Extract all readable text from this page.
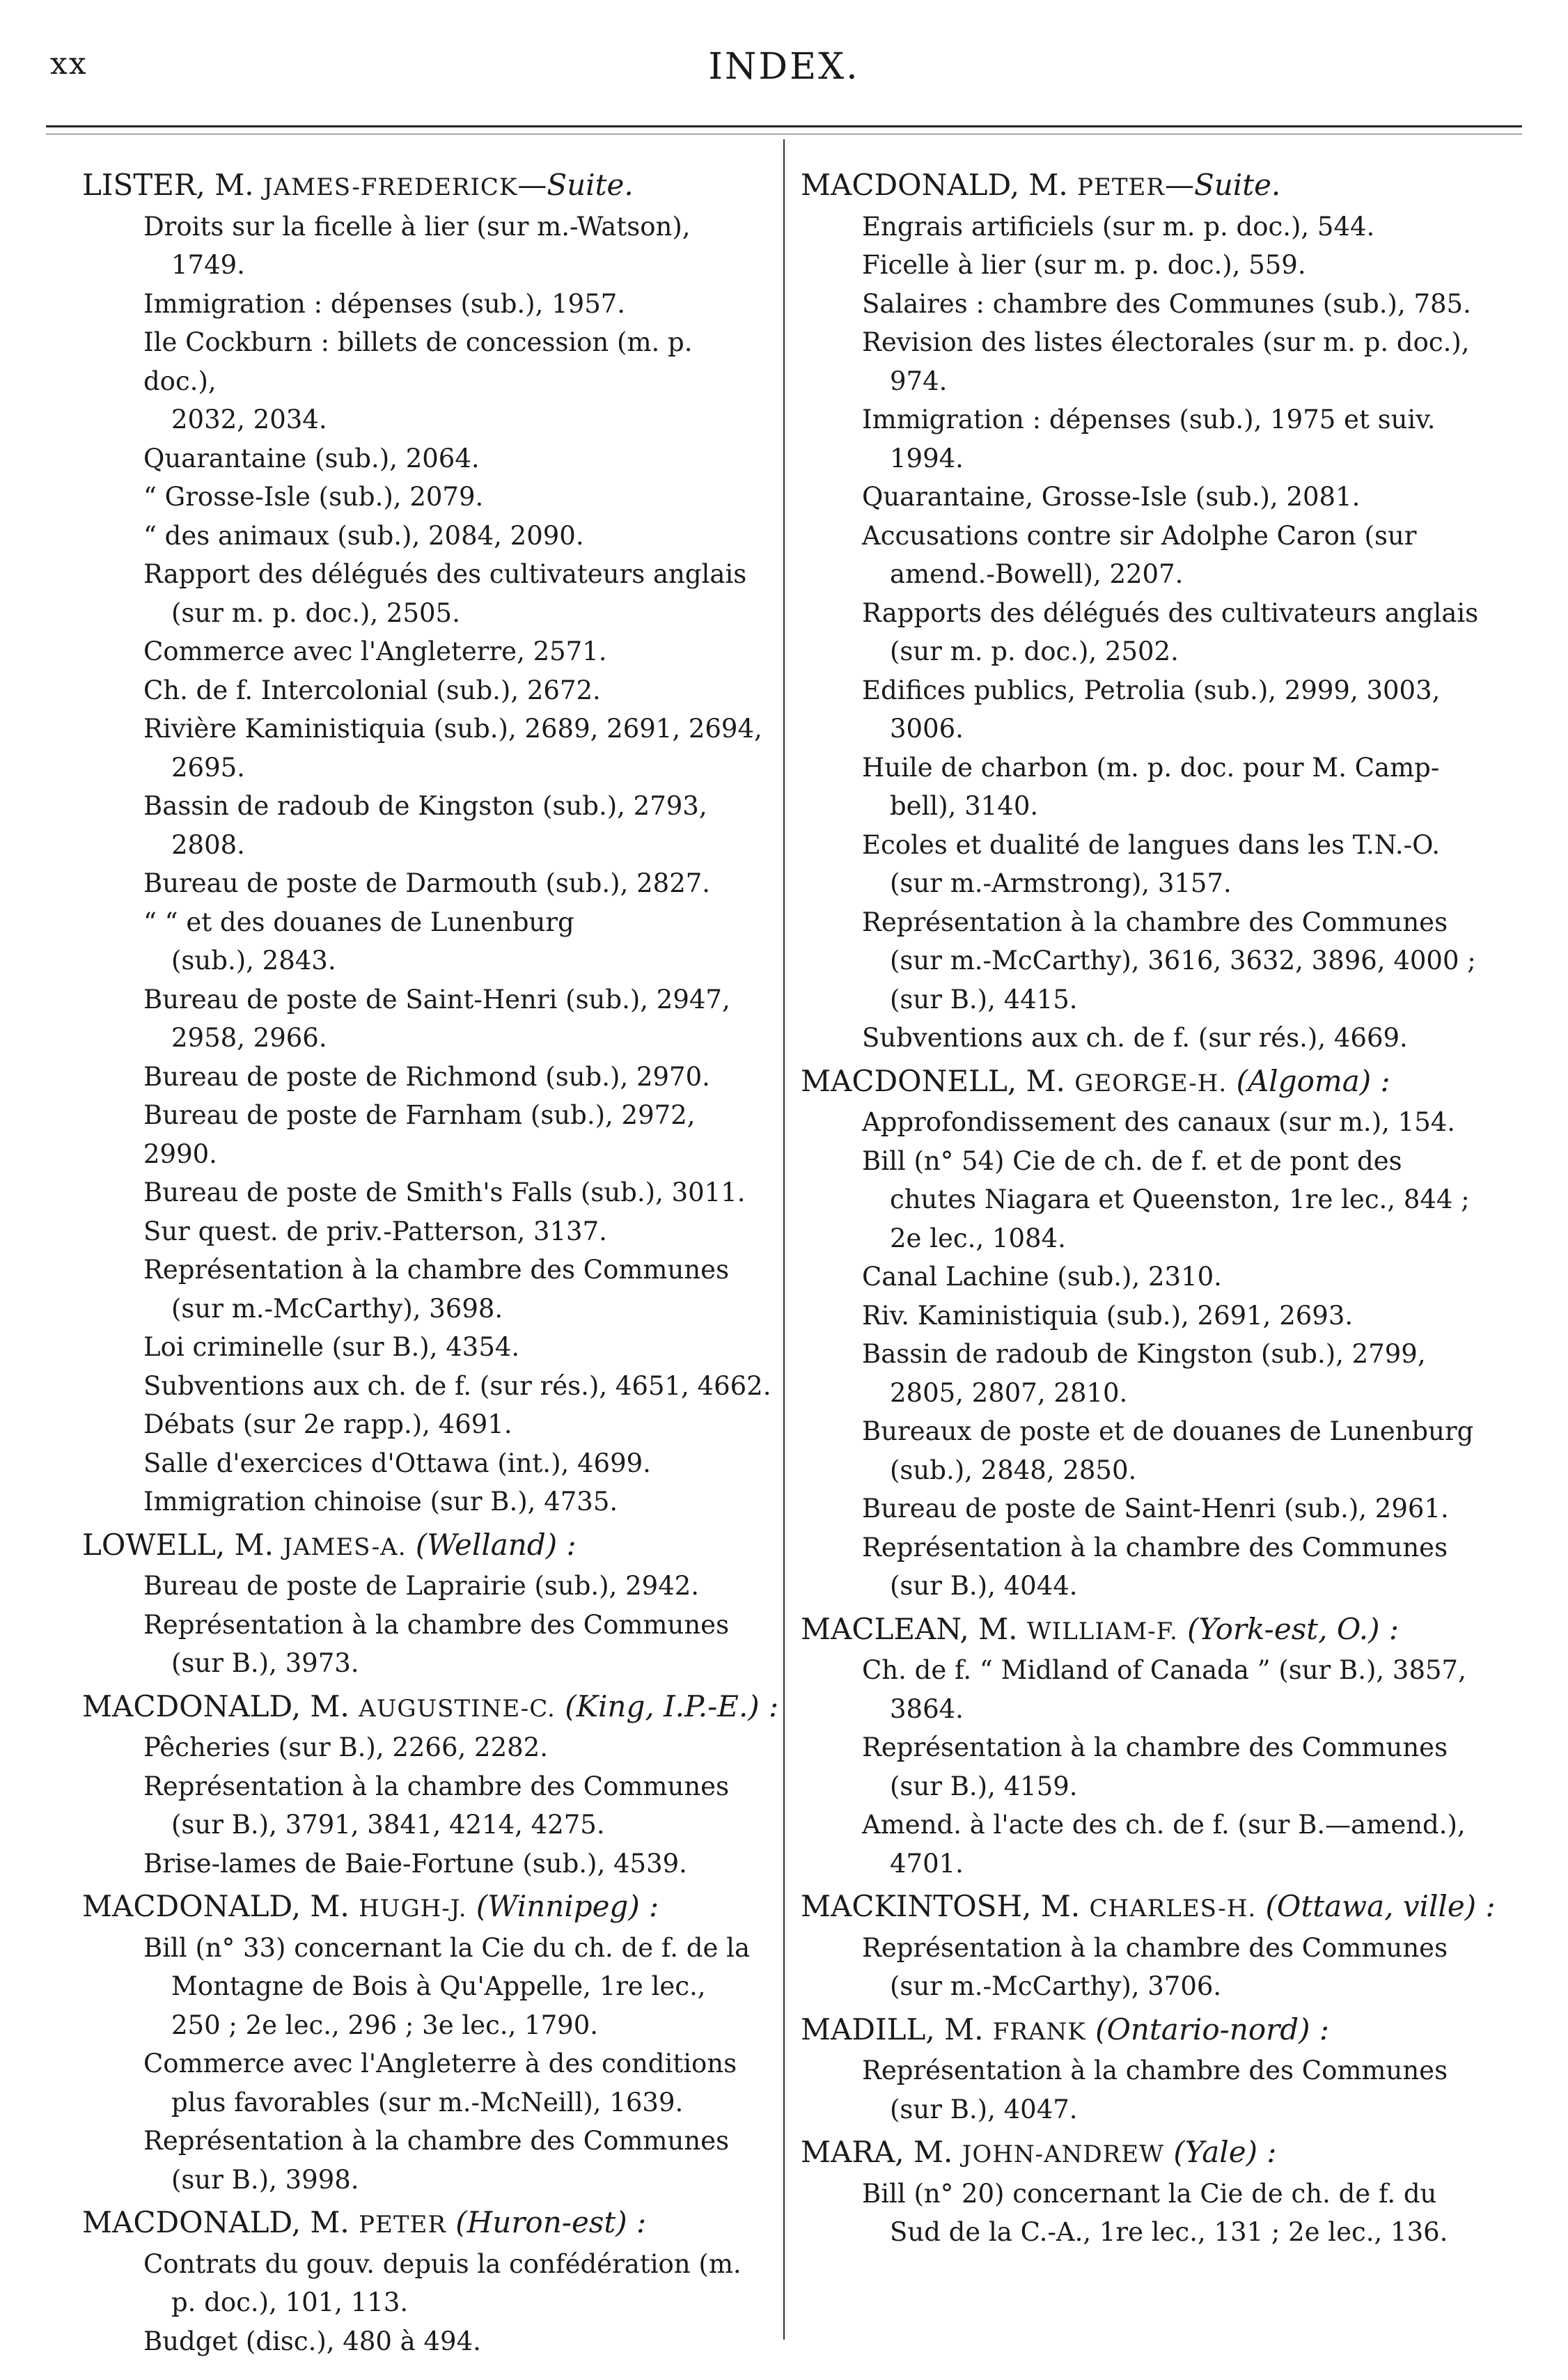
xx	INDEX.
LISTER, M. JAMES-FREDERICK—Suite.
Droits sur la ficelle à lier (sur m.-Watson),
1749.
Immigration : dépenses (sub.), 1957.
Ile Cockburn : billets de concession (m. p. doc.),
2032, 2034.
Quarantaine (sub.), 2064.
“ Grosse-Isle (sub.), 2079.
“ des animaux (sub.), 2084, 2090.
Rapport des délégués des cultivateurs anglais
(sur m. p. doc.), 2505.
Commerce avec l'Angleterre, 2571.
Ch. de f. Intercolonial (sub.), 2672.
Rivière Kaministiquia (sub.), 2689, 2691, 2694,
2695.
Bassin de radoub de Kingston (sub.), 2793,
2808.
Bureau de poste de Darmouth (sub.), 2827.
“ “ et des douanes de Lunenburg
(sub.), 2843.
Bureau de poste de Saint-Henri (sub.), 2947,
2958, 2966.
Bureau de poste de Richmond (sub.), 2970.
Bureau de poste de Farnham (sub.), 2972, 2990.
Bureau de poste de Smith's Falls (sub.), 3011.
Sur quest. de priv.-Patterson, 3137.
Représentation à la chambre des Communes
(sur m.-McCarthy), 3698.
Loi criminelle (sur B.), 4354.
Subventions aux ch. de f. (sur rés.), 4651, 4662.
Débats (sur 2e rapp.), 4691.
Salle d'exercices d'Ottawa (int.), 4699.
Immigration chinoise (sur B.), 4735.
LOWELL, M. JAMES-A. (Welland) :
Bureau de poste de Laprairie (sub.), 2942.
Représentation à la chambre des Communes
(sur B.), 3973.
MACDONALD, M. AUGUSTINE-C. (King, I.P.-E.) :
Pêcheries (sur B.), 2266, 2282.
Représentation à la chambre des Communes
(sur B.), 3791, 3841, 4214, 4275.
Brise-lames de Baie-Fortune (sub.), 4539.
MACDONALD, M. HUGH-J. (Winnipeg) :
Bill (n° 33) concernant la Cie du ch. de f. de la
Montagne de Bois à Qu'Appelle, 1re lec.,
250 ; 2e lec., 296 ; 3e lec., 1790.
Commerce avec l'Angleterre à des conditions
plus favorables (sur m.-McNeill), 1639.
Représentation à la chambre des Communes
(sur B.), 3998.
MACDONALD, M. PETER (Huron-est) :
Contrats du gouv. depuis la confédération (m.
p. doc.), 101, 113.
Budget (disc.), 480 à 494.
MACDONALD, M. PETER—Suite.
Engrais artificiels (sur m. p. doc.), 544.
Ficelle à lier (sur m. p. doc.), 559.
Salaires : chambre des Communes (sub.), 785.
Revision des listes électorales (sur m. p. doc.),
974.
Immigration : dépenses (sub.), 1975 et suiv.
1994.
Quarantaine, Grosse-Isle (sub.), 2081.
Accusations contre sir Adolphe Caron (sur
amend.-Bowell), 2207.
Rapports des délégués des cultivateurs anglais
(sur m. p. doc.), 2502.
Edifices publics, Petrolia (sub.), 2999, 3003,
3006.
Huile de charbon (m. p. doc. pour M. Camp-
bell), 3140.
Ecoles et dualité de langues dans les T.N.-O.
(sur m.-Armstrong), 3157.
Représentation à la chambre des Communes
(sur m.-McCarthy), 3616, 3632, 3896, 4000 ;
(sur B.), 4415.
Subventions aux ch. de f. (sur rés.), 4669.
MACDONELL, M. GEORGE-H. (Algoma) :
Approfondissement des canaux (sur m.), 154.
Bill (n° 54) Cie de ch. de f. et de pont des
chutes Niagara et Queenston, 1re lec., 844 ;
2e lec., 1084.
Canal Lachine (sub.), 2310.
Riv. Kaministiquia (sub.), 2691, 2693.
Bassin de radoub de Kingston (sub.), 2799,
2805, 2807, 2810.
Bureaux de poste et de douanes de Lunenburg
(sub.), 2848, 2850.
Bureau de poste de Saint-Henri (sub.), 2961.
Représentation à la chambre des Communes
(sur B.), 4044.
MACLEAN, M. WILLIAM-F. (York-est, O.) :
Ch. de f. “ Midland of Canada ” (sur B.), 3857,
3864.
Représentation à la chambre des Communes
(sur B.), 4159.
Amend. à l'acte des ch. de f. (sur B.—amend.),
4701.
MACKINTOSH, M. CHARLES-H. (Ottawa, ville) :
Représentation à la chambre des Communes
(sur m.-McCarthy), 3706.
MADILL, M. FRANK (Ontario-nord) :
Représentation à la chambre des Communes
(sur B.), 4047.
MARA, M. JOHN-ANDREW (Yale) :
Bill (n° 20) concernant la Cie de ch. de f. du
Sud de la C.-A., 1re lec., 131 ; 2e lec., 136.
